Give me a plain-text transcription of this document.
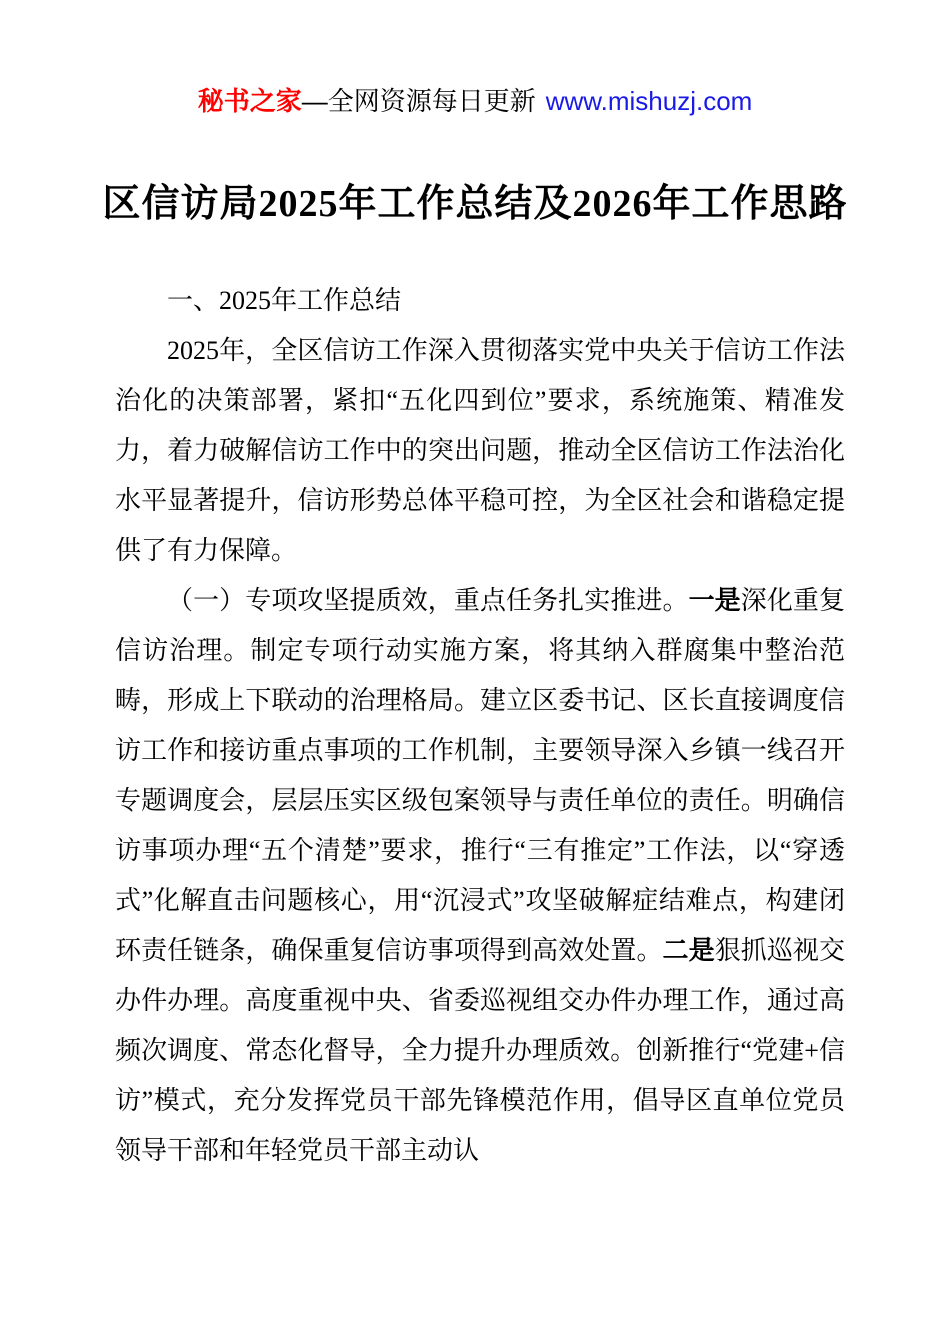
秘书之家—全网资源每日更新 www.mishuzj.com
区信访局2025年工作总结及2026年工作思路

一、2025年工作总结

2025年，全区信访工作深入贯彻落实党中央关于信访工作法治化的决策部署，紧扣“五化四到位”要求，系统施策、精准发力，着力破解信访工作中的突出问题，推动全区信访工作法治化水平显著提升，信访形势总体平稳可控，为全区社会和谐稳定提供了有力保障。

（一）专项攻坚提质效，重点任务扎实推进。一是深化重复信访治理。制定专项行动实施方案，将其纳入群腐集中整治范畴，形成上下联动的治理格局。建立区委书记、区长直接调度信访工作和接访重点事项的工作机制，主要领导深入乡镇一线召开专题调度会，层层压实区级包案领导与责任单位的责任。明确信访事项办理“五个清楚”要求，推行“三有推定”工作法，以“穿透式”化解直击问题核心，用“沉浸式”攻坚破解症结难点，构建闭环责任链条，确保重复信访事项得到高效处置。二是狠抓巡视交办件办理。高度重视中央、省委巡视组交办件办理工作，通过高频次调度、常态化督导，全力提升办理质效。创新推行“党建+信访”模式，充分发挥党员干部先锋模范作用，倡导区直单位党员领导干部和年轻党员干部主动认
